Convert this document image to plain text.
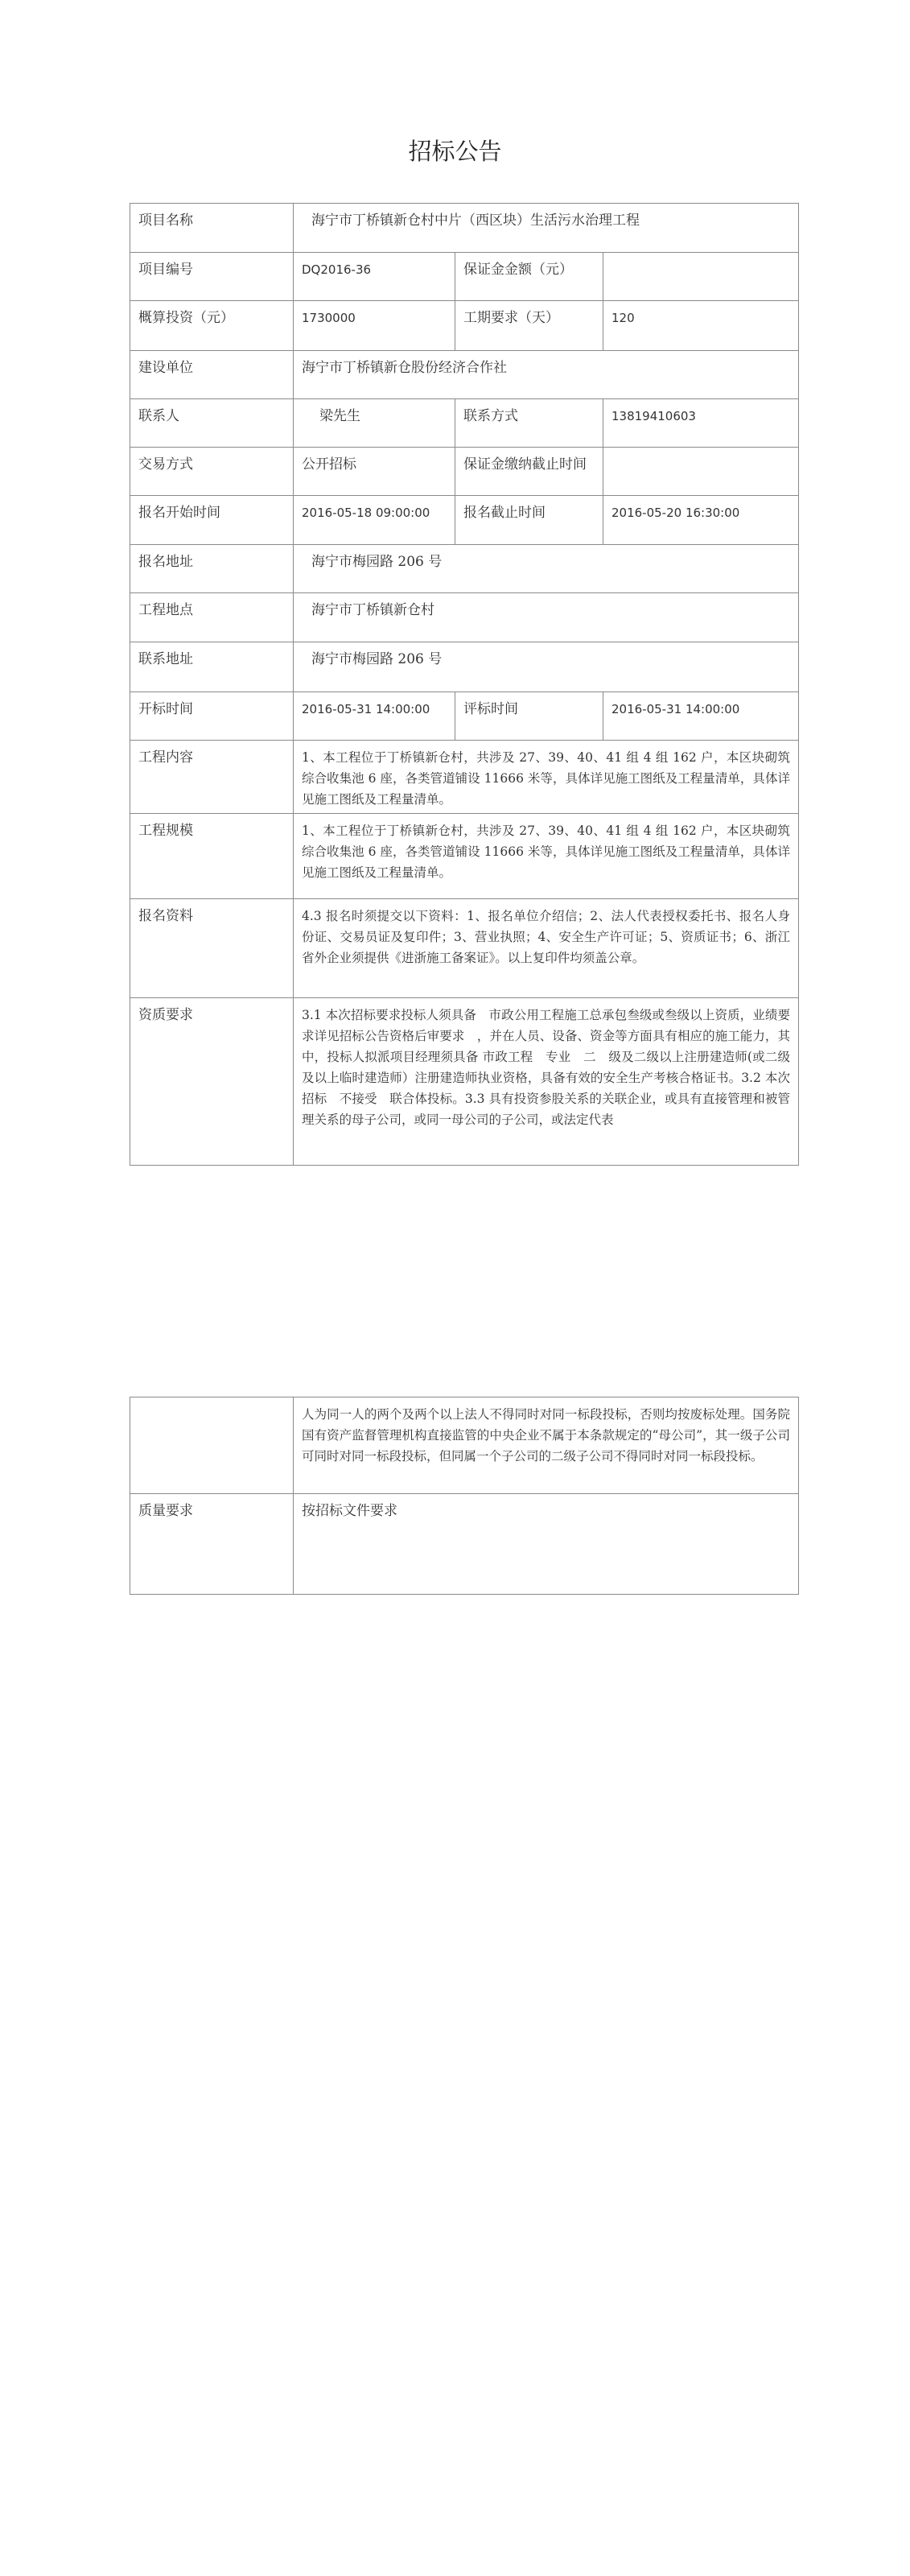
招标公告
项目名称	海宁市丁桥镇新仓村中片（西区块）生活污水治理工程		
项目编号	DQ2016-36	保证金金额（元）	
概算投资（元）	1730000	工期要求（天）	120
建设单位	海宁市丁桥镇新仓股份经济合作社		
联系人	梁先生	联系方式	13819410603
交易方式	公开招标	保证金缴纳截止时间	
报名开始时间	2016-05-18 09:00:00	报名截止时间	2016-05-20 16:30:00
报名地址	海宁市梅园路 206 号		
工程地点	海宁市丁桥镇新仓村		
联系地址	海宁市梅园路 206 号		
开标时间	2016-05-31 14:00:00	评标时间	2016-05-31 14:00:00
工程内容	1、本工程位于丁桥镇新仓村，共涉及 27、39、40、41 组 4 组 162 户，本区块砌筑综合收集池 6 座，各类管道铺设 11666 米等，具体详见施工图纸及工程量清单，具体详见施工图纸及工程量清单。		
工程规模	1、本工程位于丁桥镇新仓村，共涉及 27、39、40、41 组 4 组 162 户，本区块砌筑综合收集池 6 座，各类管道铺设 11666 米等，具体详见施工图纸及工程量清单，具体详见施工图纸及工程量清单。		
报名资料	4.3 报名时须提交以下资料：1、报名单位介绍信；2、法人代表授权委托书、报名人身份证、交易员证及复印件；3、营业执照；4、安全生产许可证；5、资质证书；6、浙江省外企业须提供《进浙施工备案证》。以上复印件均须盖公章。		
资质要求	3.1 本次招标要求投标人须具备　市政公用工程施工总承包叁级或叁级以上资质，业绩要求详见招标公告资格后审要求　，并在人员、设备、资金等方面具有相应的施工能力，其中，投标人拟派项目经理须具备 市政工程　专业　二　级及二级以上注册建造师(或二级及以上临时建造师）注册建造师执业资格，具备有效的安全生产考核合格证书。3.2 本次招标　不接受　联合体投标。3.3 具有投资参股关系的关联企业，或具有直接管理和被管理关系的母子公司，或同一母公司的子公司，或法定代表		
	人为同一人的两个及两个以上法人不得同时对同一标段投标，否则均按废标处理。国务院国有资产监督管理机构直接监管的中央企业不属于本条款规定的“母公司”，其一级子公司可同时对同一标段投标，但同属一个子公司的二级子公司不得同时对同一标段投标。
质量要求	按招标文件要求
